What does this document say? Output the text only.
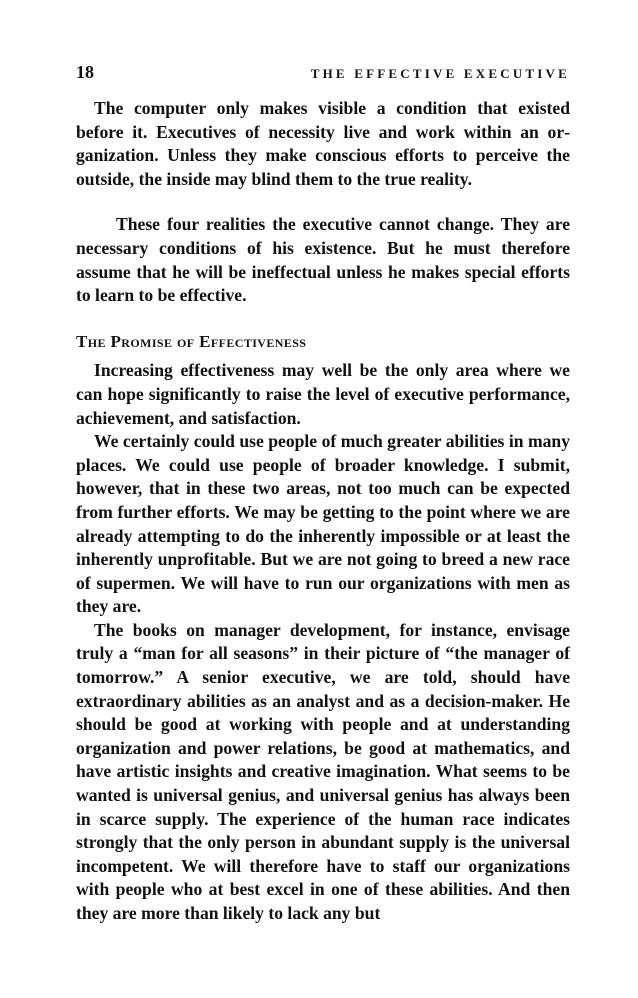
18	THE EFFECTIVE EXECUTIVE

The computer only makes visible a condition that existed before it. Executives of necessity live and work within an organization. Unless they make conscious efforts to perceive the outside, the inside may blind them to the true reality.

These four realities the executive cannot change. They are necessary conditions of his existence. But he must therefore assume that he will be ineffectual unless he makes special efforts to learn to be effective.

The Promise of Effectiveness

Increasing effectiveness may well be the only area where we can hope significantly to raise the level of executive performance, achievement, and satisfaction.

We certainly could use people of much greater abilities in many places. We could use people of broader knowledge. I submit, however, that in these two areas, not too much can be expected from further efforts. We may be getting to the point where we are already attempting to do the inherently impossible or at least the inherently unprofitable. But we are not going to breed a new race of supermen. We will have to run our organizations with men as they are.

The books on manager development, for instance, envisage truly a “man for all seasons” in their picture of “the manager of tomorrow.” A senior executive, we are told, should have extraordinary abilities as an analyst and as a decision-maker. He should be good at working with people and at understanding organization and power relations, be good at mathematics, and have artistic insights and creative imagination. What seems to be wanted is universal genius, and universal genius has always been in scarce supply. The experience of the human race indicates strongly that the only person in abundant supply is the universal incompetent. We will therefore have to staff our organizations with people who at best excel in one of these abilities. And then they are more than likely to lack any but
